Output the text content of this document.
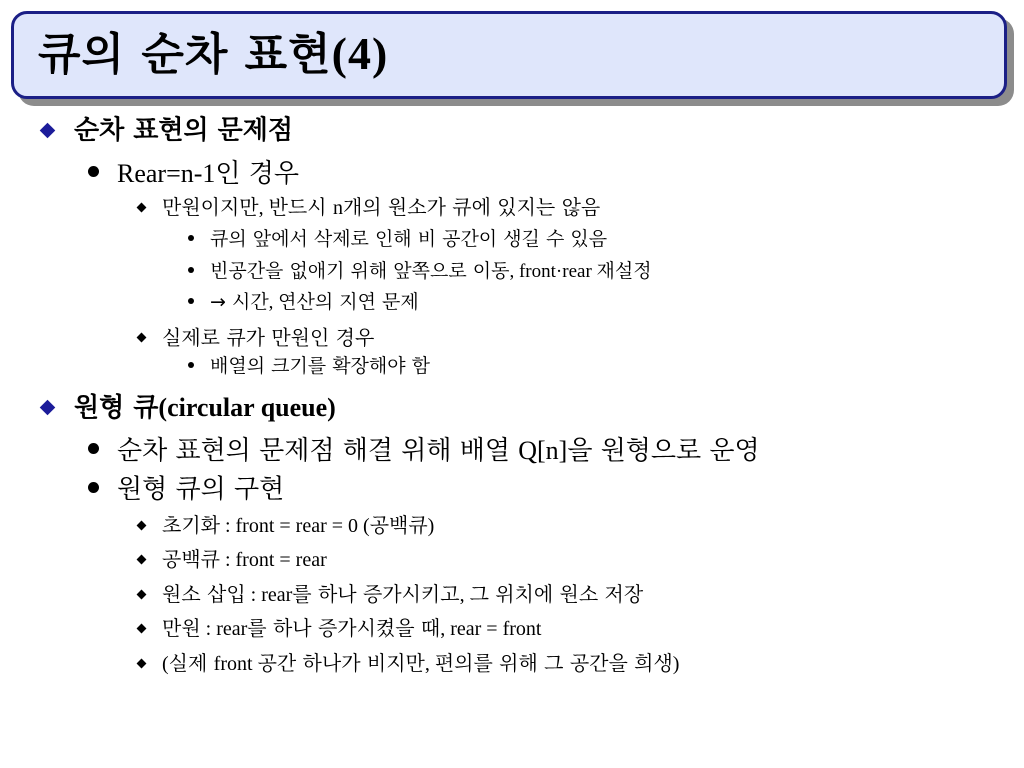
큐의 순차 표현(4)
순차 표현의 문제점
Rear=n-1인 경우
만원이지만, 반드시 n개의 원소가 큐에 있지는 않음
큐의 앞에서 삭제로 인해 비 공간이 생길 수 있음
빈공간을 없애기 위해 앞쪽으로 이동, front·rear 재설정
→ 시간, 연산의 지연 문제
실제로 큐가 만원인 경우
배열의 크기를 확장해야 함
원형 큐(circular queue)
순차 표현의 문제점 해결 위해 배열 Q[n]을 원형으로 운영
원형 큐의 구현
초기화 : front = rear = 0 (공백큐)
공백큐 : front = rear
원소 삽입 : rear를 하나 증가시키고, 그 위치에 원소 저장
만원 : rear를 하나 증가시켰을 때, rear = front
(실제 front 공간 하나가 비지만, 편의를 위해 그 공간을 희생)
